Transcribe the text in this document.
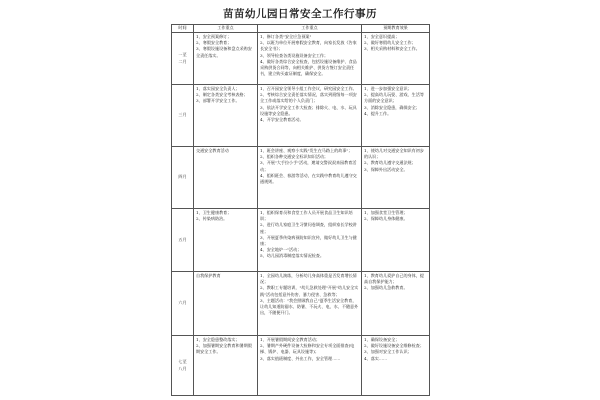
苗苗幼儿园日常安全工作行事历
时间	工作重点	工作重点	预期教育效果

一至
二月	1、安全预案修订；
2、寒假安全教育；
3、寒假设施设备和盘点采购安全责任落实。	1、修订各类"安全应急预案"
2、以班为单位开展寒假安全教育，向家长发放《告家长安全书》；
3、领导检查各类设施设备安全工作；
4、做好各类综合安全检查，包括设施设备维护、食品采购供货合同等，向相关维护、供货方签订安全责任书，建立购买索证制度，确保安全。	1、安全意识提高；
2、做好寒假幼儿安全工作；
3、相关采购材料和安全工作。

三月	1、落实园安全负责人；
2、制定各类安全考核表格；
3、部署开学安全工作。	1、召开园安全领导小组工作会议，研究园安全工作。
2、考核综合安全责任落实情况，落实到班级每一项安全工作或落实给的个人负责门；
3、依法开学安全工作大检查；排除火、电、水、玩具设施等安全隐患。
4、开学安全教育活动。	1、进一步加强安全意识；
2、提高幼儿玩耍、游戏、生活等方面的安全意识；
3、消除安全隐患，确保安全；
4、提升工作。

四月	交通安全教育活动	1、班会讲座、观察小实践"发生在马路上的故事"；
2、组织各种交通安全标识知识活动；
3、开展"大手拉小手"活动，邀请交警叔叔来园教育活动；
4、组织班会、春游等活动，在实践中教育幼儿遵守交通规则。	1、使幼儿对交通安全知识有初步的认识；
2、教育幼儿遵守交通法规；
3、保障外出活动安全。

五月	1、卫生健康教育；
2、传染病防治。	1、组织保育员和食堂工作人员开展食品卫生知识培训；
2、进行幼儿家庭卫生习惯问卷调查，组织家长学校讲座；
3、开展夏季传染病预防知识宣传，做好幼儿卫生与健康；
4、安全地炉一"活动；
5、幼儿园消毒制度落实情况检查。	1、加强食堂卫生管理；
2、保障幼儿身体健康。

六月	自我保护教育	1、全园幼儿演练，分析幼儿身高体重是否发育增长情况；
2、教职工专题培训，"幼儿急救处理"开展"幼儿安全实践"活动包括意外伤害、暴力侵害、急救等；
3、主题活动："我会照顾我自己"夏季生活安全教育，让幼儿知道防溺水、防暑、不玩火、电、水、不随意外出，不随便开门。	1、教育幼儿爱护自己的身体，提高自我保护能力；
2、加强幼儿急救教育。

七至
八月	1、安全隐患整改落实；
2、加强暑期安全教育和暑期假期安全工作。	1、开展暑假期间安全教育活动；
2、暑期产外硬件设备大检修和安全专项全面排查(电梯、锅炉、电器、玩具设施等)；
3、落实值班制度、外出工作，安全管理……	1、确保设备安全；
2、做好设施设备安全维修检查；
3、加强对安全工作认识；
4、落实……
